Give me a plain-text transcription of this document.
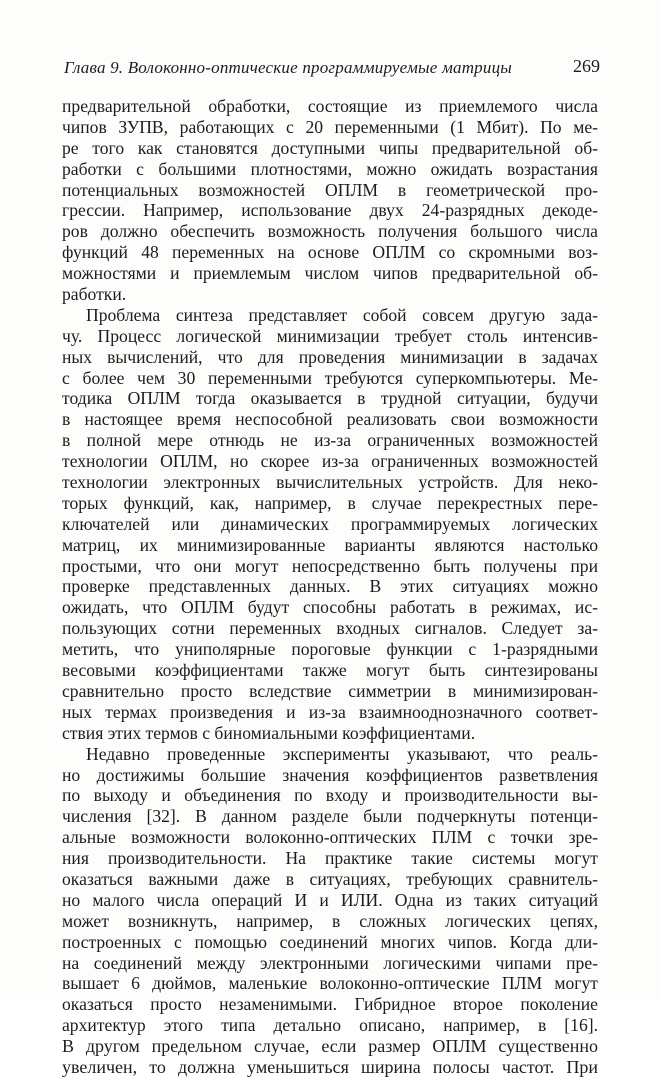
Глава 9. Волоконно-оптические программируемые матрицы	269
предварительной обработки, состоящие из приемлемого числа
чипов ЗУПВ, работающих с 20 переменными (1 Мбит). По ме-
ре того как становятся доступными чипы предварительной об-
работки с большими плотностями, можно ожидать возрастания
потенциальных возможностей ОПЛМ в геометрической про-
грессии. Например, использование двух 24-разрядных декоде-
ров должно обеспечить возможность получения большого числа
функций 48 переменных на основе ОПЛМ со скромными воз-
можностями и приемлемым числом чипов предварительной об-
работки.
Проблема синтеза представляет собой совсем другую зада-
чу. Процесс логической минимизации требует столь интенсив-
ных вычислений, что для проведения минимизации в задачах
с более чем 30 переменными требуются суперкомпьютеры. Ме-
тодика ОПЛМ тогда оказывается в трудной ситуации, будучи
в настоящее время неспособной реализовать свои возможности
в полной мере отнюдь не из-за ограниченных возможностей
технологии ОПЛМ, но скорее из-за ограниченных возможностей
технологии электронных вычислительных устройств. Для неко-
торых функций, как, например, в случае перекрестных пере-
ключателей или динамических программируемых логических
матриц, их минимизированные варианты являются настолько
простыми, что они могут непосредственно быть получены при
проверке представленных данных. В этих ситуациях можно
ожидать, что ОПЛМ будут способны работать в режимах, ис-
пользующих сотни переменных входных сигналов. Следует за-
метить, что униполярные пороговые функции с 1-разрядными
весовыми коэффициентами также могут быть синтезированы
сравнительно просто вследствие симметрии в минимизирован-
ных термах произведения и из-за взаимнооднозначного соответ-
ствия этих термов с биномиальными коэффициентами.
Недавно проведенные эксперименты указывают, что реаль-
но достижимы большие значения коэффициентов разветвления
по выходу и объединения по входу и производительности вы-
числения [32]. В данном разделе были подчеркнуты потенци-
альные возможности волоконно-оптических ПЛМ с точки зре-
ния производительности. На практике такие системы могут
оказаться важными даже в ситуациях, требующих сравнитель-
но малого числа операций И и ИЛИ. Одна из таких ситуаций
может возникнуть, например, в сложных логических цепях,
построенных с помощью соединений многих чипов. Когда дли-
на соединений между электронными логическими чипами пре-
вышает 6 дюймов, маленькие волоконно-оптические ПЛМ могут
оказаться просто незаменимыми. Гибридное второе поколение
архитектур этого типа детально описано, например, в [16].
В другом предельном случае, если размер ОПЛМ существенно
увеличен, то должна уменьшиться ширина полосы частот. При
